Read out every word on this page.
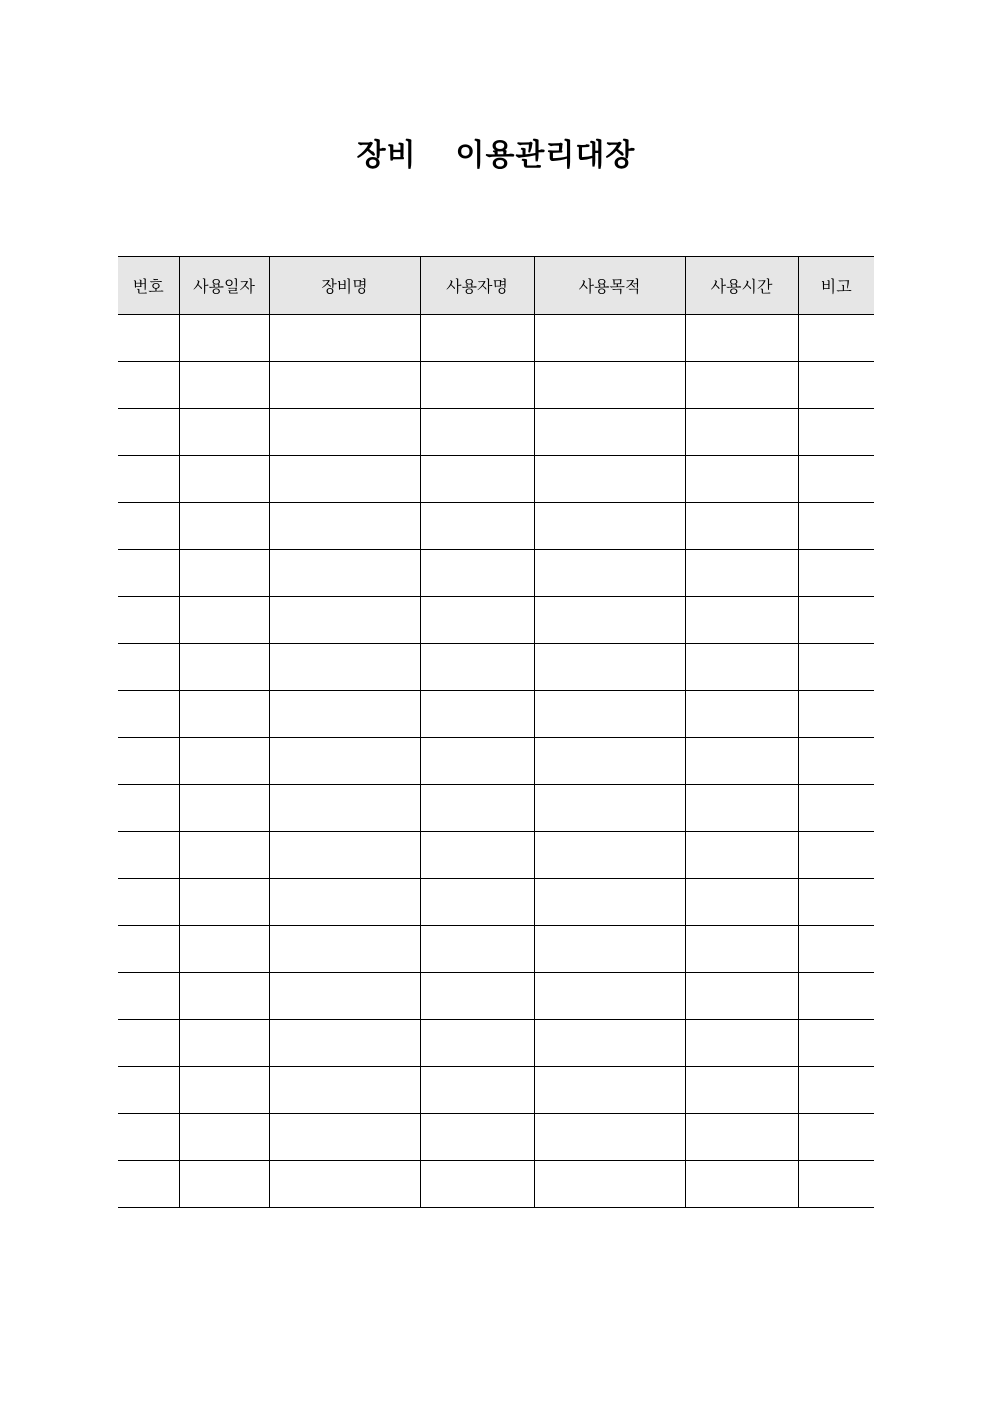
장비  이용관리대장
번호	사용일자	장비명	사용자명	사용목적	사용시간	비고
